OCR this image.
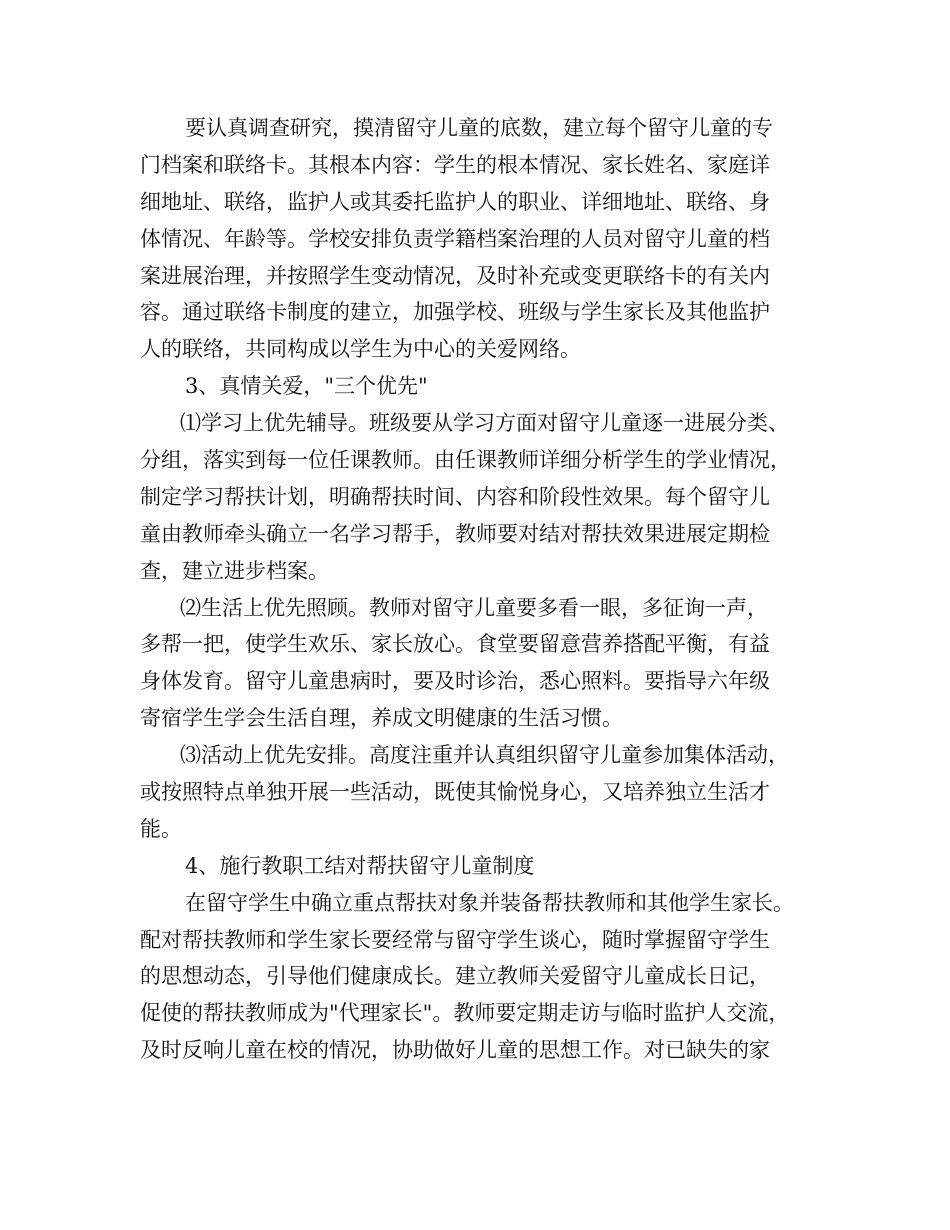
要认真调查研究，摸清留守儿童的底数，建立每个留守儿童的专
门档案和联络卡。其根本内容：学生的根本情况、家长姓名、家庭详
细地址、联络，监护人或其委托监护人的职业、详细地址、联络、身
体情况、年龄等。学校安排负责学籍档案治理的人员对留守儿童的档
案进展治理，并按照学生变动情况，及时补充或变更联络卡的有关内
容。通过联络卡制度的建立，加强学校、班级与学生家长及其他监护
人的联络，共同构成以学生为中心的关爱网络。
3、真情关爱，"三个优先"
⑴学习上优先辅导。班级要从学习方面对留守儿童逐一进展分类、
分组，落实到每一位任课教师。由任课教师详细分析学生的学业情况，
制定学习帮扶计划，明确帮扶时间、内容和阶段性效果。每个留守儿
童由教师牵头确立一名学习帮手，教师要对结对帮扶效果进展定期检
查，建立进步档案。
⑵生活上优先照顾。教师对留守儿童要多看一眼，多征询一声，
多帮一把，使学生欢乐、家长放心。食堂要留意营养搭配平衡，有益
身体发育。留守儿童患病时，要及时诊治，悉心照料。要指导六年级
寄宿学生学会生活自理，养成文明健康的生活习惯。
⑶活动上优先安排。高度注重并认真组织留守儿童参加集体活动，
或按照特点单独开展一些活动，既使其愉悦身心，又培养独立生活才
能。
4、施行教职工结对帮扶留守儿童制度
在留守学生中确立重点帮扶对象并装备帮扶教师和其他学生家长。
配对帮扶教师和学生家长要经常与留守学生谈心，随时掌握留守学生
的思想动态，引导他们健康成长。建立教师关爱留守儿童成长日记，
促使的帮扶教师成为"代理家长"。教师要定期走访与临时监护人交流，
及时反响儿童在校的情况，协助做好儿童的思想工作。对已缺失的家
